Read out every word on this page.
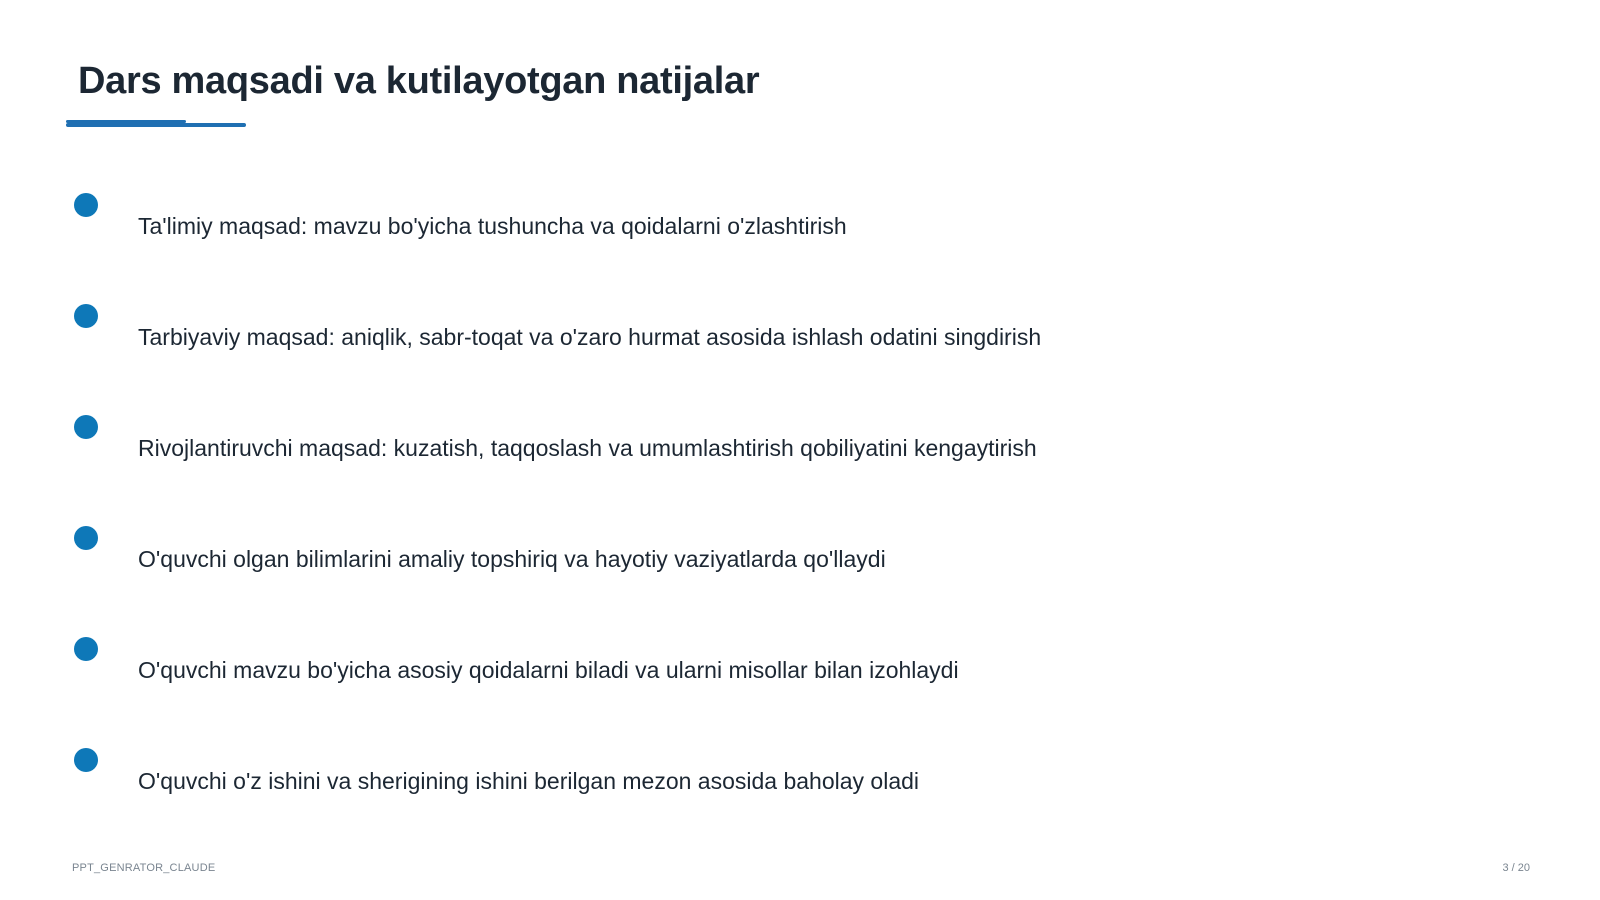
Dars maqsadi va kutilayotgan natijalar
Ta'limiy maqsad: mavzu bo'yicha tushuncha va qoidalarni o'zlashtirish
Tarbiyaviy maqsad: aniqlik, sabr-toqat va o'zaro hurmat asosida ishlash odatini singdirish
Rivojlantiruvchi maqsad: kuzatish, taqqoslash va umumlashtirish qobiliyatini kengaytirish
O'quvchi olgan bilimlarini amaliy topshiriq va hayotiy vaziyatlarda qo'llaydi
O'quvchi mavzu bo'yicha asosiy qoidalarni biladi va ularni misollar bilan izohlaydi
O'quvchi o'z ishini va sherigining ishini berilgan mezon asosida baholay oladi
PPT_GENRATOR_CLAUDE	3 / 20
